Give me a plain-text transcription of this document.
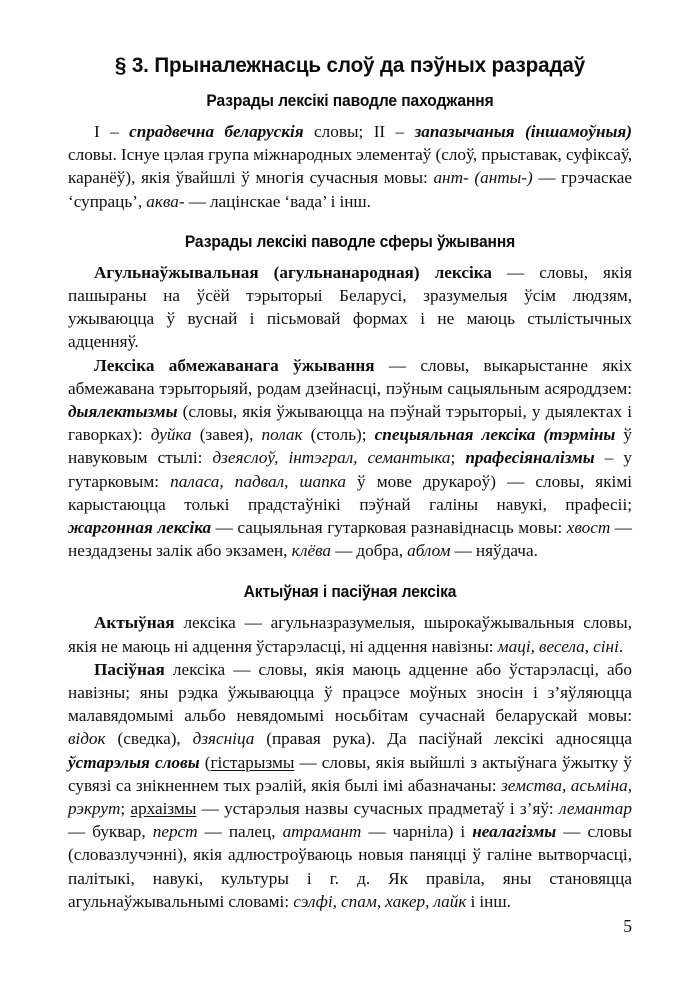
§ 3. Прыналежнасць слоў да пэўных разрадаў
Разрады лексікі паводле паходжання

I – спрадвечна беларускія словы; II – запазычаныя (іншамоўныя) словы. Існуе цэлая група міжнародных элементаў (слоў, прыставак, суфіксаў, каранёў), якія ўвайшлі ў многія сучасныя мовы: ант- (анты-) — грэчаскае ‘супраць’, аква- — лацінскае ‘вада’ і інш.

Разрады лексікі паводле сферы ўжывання

Агульнаўжывальная (агульнанародная) лексіка — словы, якія пашыраны на ўсёй тэрыторыі Беларусі, зразумелыя ўсім людзям, ужываюцца ў вуснай і пісьмовай формах і не маюць стылістычных адценняў.

Лексіка абмежаванага ўжывання — словы, выкарыстанне якіх абмежавана тэрыторыяй, родам дзейнасці, пэўным сацыяльным асяроддзем: дыялектызмы (словы, якія ўжываюцца на пэўнай тэрыторыі, у дыялектах і гаворках): дуйка (завея), полак (столь); спецыяльная лексіка (тэрміны ў навуковым стылі: дзеяслоў, інтэграл, семантыка; прафесіяналізмы – у гутарковым: паласа, падвал, шапка ў мове друкароў) — словы, якімі карыстаюцца толькі прадстаўнікі пэўнай галіны навукі, прафесіі; жаргонная лексіка — сацыяльная гутарковая разнавіднасць мовы: хвост — нездадзены залік або экзамен, клёва — добра, аблом — няўдача.

Актыўная і пасіўная лексіка

Актыўная лексіка — агульназразумелыя, шырокаўжывальныя словы, якія не маюць ні адцення ўстарэласці, ні адцення навізны: маці, весела, сіні.

Пасіўная лексіка — словы, якія маюць адценне або ўстарэласці, або навізны; яны рэдка ўжываюцца ў працэсе моўных зносін і з’яўляюцца малавядомымі альбо невядомымі носьбітам сучаснай беларускай мовы: відок (сведка), дзясніца (правая рука). Да пасіўнай лексікі адносяцца ўстарэлыя словы (гістарызмы — словы, якія выйшлі з актыўнага ўжытку ў сувязі са знікненнем тых рэалій, якія былі імі абазначаны: земства, асьміна, рэкрут; архаізмы — устарэлыя назвы сучасных прадметаў і з’яў: лемантар — буквар, перст — палец, атрамант — чарніла) і неалагізмы — словы (словазлучэнні), якія адлюстроўваюць новыя паняцці ў галіне вытворчасці, палітыкі, навукі, культуры і г. д. Як правіла, яны становяцца агульнаўжывальнымі словамі: сэлфі, спам, хакер, лайк і інш.

5
